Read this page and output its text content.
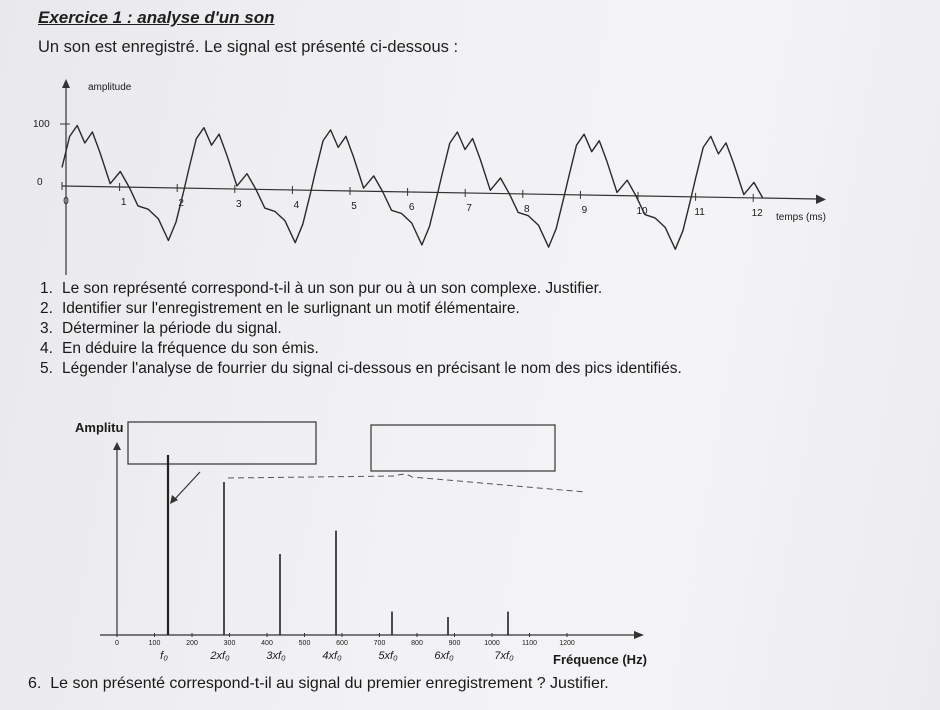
Exercice 1 : analyse d'un son
Un son est enregistré. Le signal est présenté ci-dessous :
amplitude
100
0
temps (ms)
0	1	2	3	4	5	6	7	8	9	10	11	12
1. Le son représenté correspond-t-il à un son pur ou à un son complexe. Justifier.
2. Identifier sur l'enregistrement en le surlignant un motif élémentaire.
3. Déterminer la période du signal.
4. En déduire la fréquence du son émis.
5. Légender l'analyse de fourrier du signal ci-dessous en précisant le nom des pics identifiés.
Amplitu
f₀	2xf₀	3xf₀	4xf₀	5xf₀	6xf₀	7xf₀
0	100	200	300	400	500	600	700	800	900	1000	1100	1200
Fréquence (Hz)
6.  Le son présenté correspond-t-il au signal du premier enregistrement ? Justifier.
